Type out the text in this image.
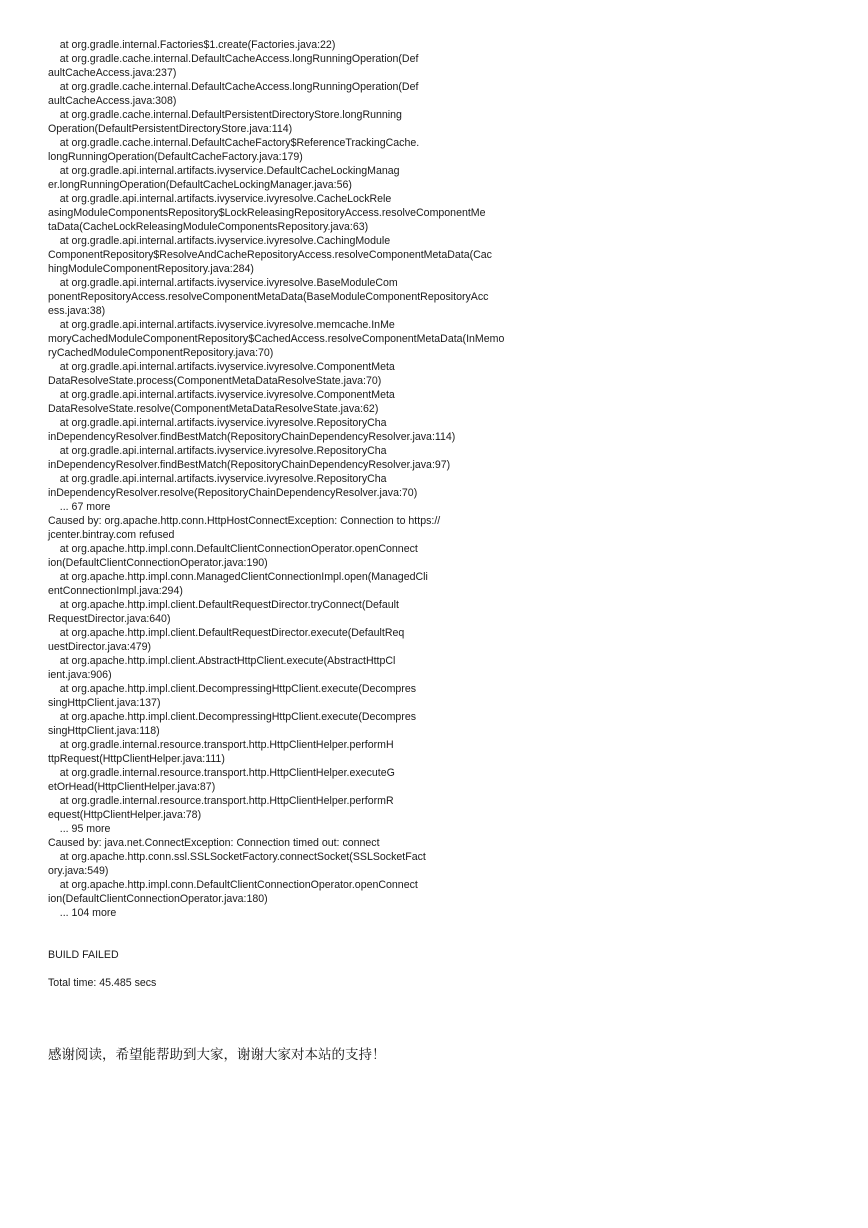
at org.gradle.internal.Factories$1.create(Factories.java:22)
at org.gradle.cache.internal.DefaultCacheAccess.longRunningOperation(Def
aultCacheAccess.java:237)
at org.gradle.cache.internal.DefaultCacheAccess.longRunningOperation(Def
aultCacheAccess.java:308)
at org.gradle.cache.internal.DefaultPersistentDirectoryStore.longRunning
Operation(DefaultPersistentDirectoryStore.java:114)
at org.gradle.cache.internal.DefaultCacheFactory$ReferenceTrackingCache.
longRunningOperation(DefaultCacheFactory.java:179)
at org.gradle.api.internal.artifacts.ivyservice.DefaultCacheLockingManag
er.longRunningOperation(DefaultCacheLockingManager.java:56)
at org.gradle.api.internal.artifacts.ivyservice.ivyresolve.CacheLockRele
asingModuleComponentsRepository$LockReleasingRepositoryAccess.resolveComponentMe
taData(CacheLockReleasingModuleComponentsRepository.java:63)
at org.gradle.api.internal.artifacts.ivyservice.ivyresolve.CachingModule
ComponentRepository$ResolveAndCacheRepositoryAccess.resolveComponentMetaData(Cac
hingModuleComponentRepository.java:284)
at org.gradle.api.internal.artifacts.ivyservice.ivyresolve.BaseModuleCom
ponentRepositoryAccess.resolveComponentMetaData(BaseModuleComponentRepositoryAcc
ess.java:38)
at org.gradle.api.internal.artifacts.ivyservice.ivyresolve.memcache.InMe
moryCachedModuleComponentRepository$CachedAccess.resolveComponentMetaData(InMemo
ryCachedModuleComponentRepository.java:70)
at org.gradle.api.internal.artifacts.ivyservice.ivyresolve.ComponentMeta
DataResolveState.process(ComponentMetaDataResolveState.java:70)
at org.gradle.api.internal.artifacts.ivyservice.ivyresolve.ComponentMeta
DataResolveState.resolve(ComponentMetaDataResolveState.java:62)
at org.gradle.api.internal.artifacts.ivyservice.ivyresolve.RepositoryCha
inDependencyResolver.findBestMatch(RepositoryChainDependencyResolver.java:114)
at org.gradle.api.internal.artifacts.ivyservice.ivyresolve.RepositoryCha
inDependencyResolver.findBestMatch(RepositoryChainDependencyResolver.java:97)
at org.gradle.api.internal.artifacts.ivyservice.ivyresolve.RepositoryCha
inDependencyResolver.resolve(RepositoryChainDependencyResolver.java:70)
... 67 more
Caused by: org.apache.http.conn.HttpHostConnectException: Connection to https://
jcenter.bintray.com refused
at org.apache.http.impl.conn.DefaultClientConnectionOperator.openConnect
ion(DefaultClientConnectionOperator.java:190)
at org.apache.http.impl.conn.ManagedClientConnectionImpl.open(ManagedCli
entConnectionImpl.java:294)
at org.apache.http.impl.client.DefaultRequestDirector.tryConnect(Default
RequestDirector.java:640)
at org.apache.http.impl.client.DefaultRequestDirector.execute(DefaultReq
uestDirector.java:479)
at org.apache.http.impl.client.AbstractHttpClient.execute(AbstractHttpCl
ient.java:906)
at org.apache.http.impl.client.DecompressingHttpClient.execute(Decompres
singHttpClient.java:137)
at org.apache.http.impl.client.DecompressingHttpClient.execute(Decompres
singHttpClient.java:118)
at org.gradle.internal.resource.transport.http.HttpClientHelper.performH
ttpRequest(HttpClientHelper.java:111)
at org.gradle.internal.resource.transport.http.HttpClientHelper.executeG
etOrHead(HttpClientHelper.java:87)
at org.gradle.internal.resource.transport.http.HttpClientHelper.performR
equest(HttpClientHelper.java:78)
... 95 more
Caused by: java.net.ConnectException: Connection timed out: connect
at org.apache.http.conn.ssl.SSLSocketFactory.connectSocket(SSLSocketFact
ory.java:549)
at org.apache.http.impl.conn.DefaultClientConnectionOperator.openConnect
ion(DefaultClientConnectionOperator.java:180)
... 104 more
BUILD FAILED
Total time: 45.485 secs
感谢阅读，希望能帮助到大家，谢谢大家对本站的支持！
